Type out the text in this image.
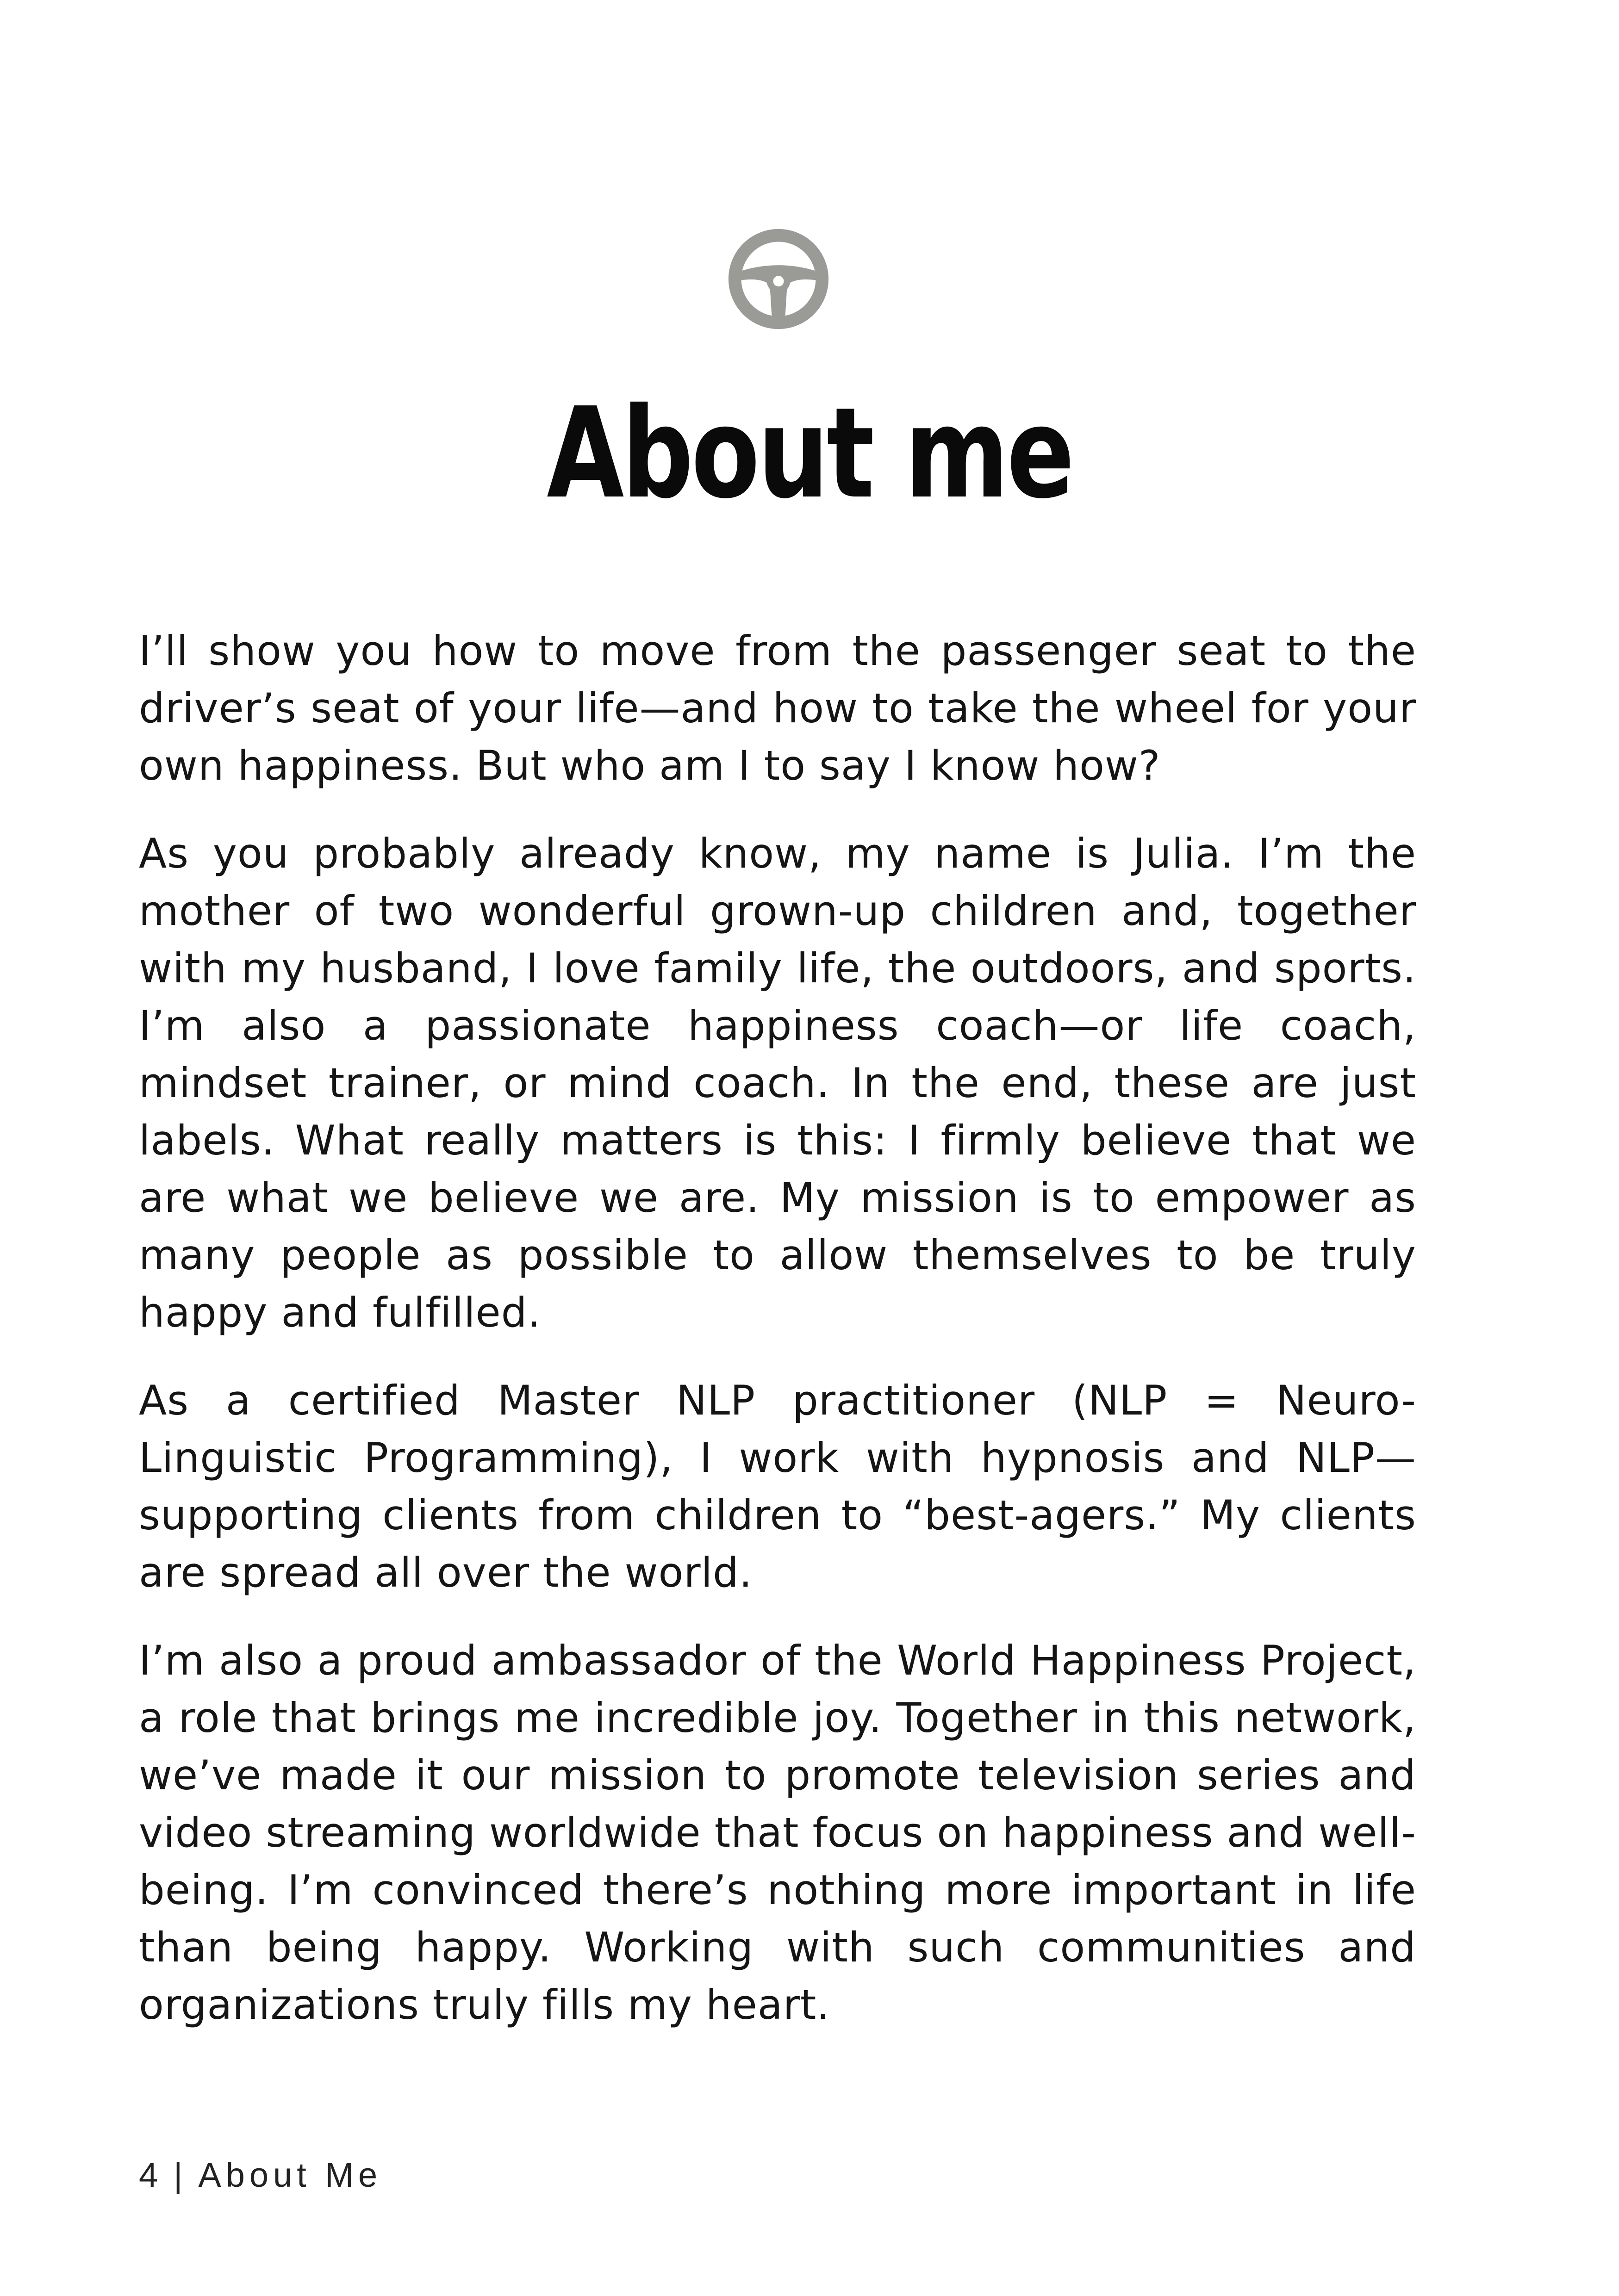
About me

I’ll show you how to move from the passenger seat to the driver’s seat of your life—and how to take the wheel for your own happiness. But who am I to say I know how?

As you probably already know, my name is Julia. I’m the mother of two wonderful grown-up children and, together with my husband, I love family life, the outdoors, and sports. I’m also a passionate happiness coach—or life coach, mindset trainer, or mind coach. In the end, these are just labels. What really matters is this: I firmly believe that we are what we believe we are. My mission is to empower as many people as possible to allow themselves to be truly happy and fulfilled.

As a certified Master NLP practitioner (NLP = Neuro-Linguistic Programming), I work with hypnosis and NLP—supporting clients from children to “best-agers.” My clients are spread all over the world.

I’m also a proud ambassador of the World Happiness Project, a role that brings me incredible joy. Together in this network, we’ve made it our mission to promote television series and video streaming worldwide that focus on happiness and well-being. I’m convinced there’s nothing more important in life than being happy. Working with such communities and organizations truly fills my heart.

4 | About Me
